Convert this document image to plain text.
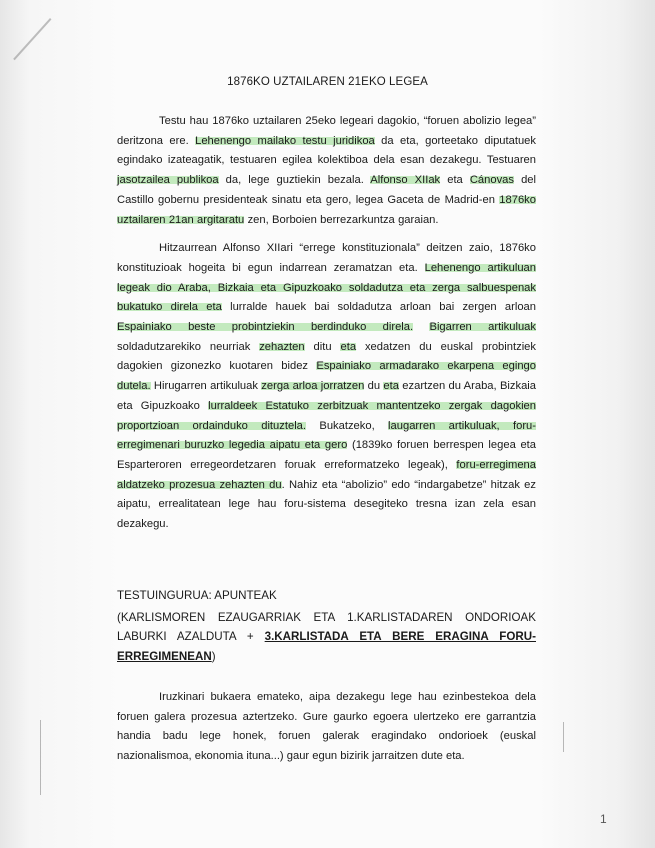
1876KO UZTAILAREN 21EKO LEGEA

Testu hau 1876ko uztailaren 25eko legeari dagokio, “foruen abolizio legea” deritzona ere. Lehenengo mailako testu juridikoa da eta, gorteetako diputatuek egindako izateagatik, testuaren egilea kolektiboa dela esan dezakegu. Testuaren jasotzailea publikoa da, lege guztiekin bezala. Alfonso XIIak eta Cánovas del Castillo gobernu presidenteak sinatu eta gero, legea Gaceta de Madrid-en 1876ko uztailaren 21an argitaratu zen, Borboien berrezarkuntza garaian.

Hitzaurrean Alfonso XIIari “errege konstituzionala” deitzen zaio, 1876ko konstituzioak hogeita bi egun indarrean zeramatzan eta. Lehenengo artikuluan legeak dio Araba, Bizkaia eta Gipuzkoako soldadutza eta zerga salbuespenak bukatuko direla eta lurralde hauek bai soldadutza arloan bai zergen arloan Espainiako beste probintziekin berdinduko direla. Bigarren artikuluak soldadutzarekiko neurriak zehazten ditu eta xedatzen du euskal probintziek dagokien gizonezko kuotaren bidez Espainiako armadarako ekarpena egingo dutela. Hirugarren artikuluak zerga arloa jorratzen du eta ezartzen du Araba, Bizkaia eta Gipuzkoako lurraldeek Estatuko zerbitzuak mantentzeko zergak dagokien proportzioan ordainduko dituztela. Bukatzeko, laugarren artikuluak, foru-erregimenari buruzko legedia aipatu eta gero (1839ko foruen berrespen legea eta Esparteroren erregeordetzaren foruak erreformatzeko legeak), foru-erregimena aldatzeko prozesua zehazten du. Nahiz eta “abolizio” edo “indargabetze” hitzak ez aipatu, errealitatean lege hau foru-sistema desegiteko tresna izan zela esan dezakegu.

TESTUINGURUA: APUNTEAK

(KARLISMOREN EZAUGARRIAK ETA 1.KARLISTADAREN ONDORIOAK LABURKI AZALDUTA + 3.KARLISTADA ETA BERE ERAGINA FORU-ERREGIMENEAN)

Iruzkinari bukaera emateko, aipa dezakegu lege hau ezinbestekoa dela foruen galera prozesua aztertzeko. Gure gaurko egoera ulertzeko ere garrantzia handia badu lege honek, foruen galerak eragindako ondorioek (euskal nazionalismoa, ekonomia ituna...) gaur egun bizirik jarraitzen dute eta.

1
